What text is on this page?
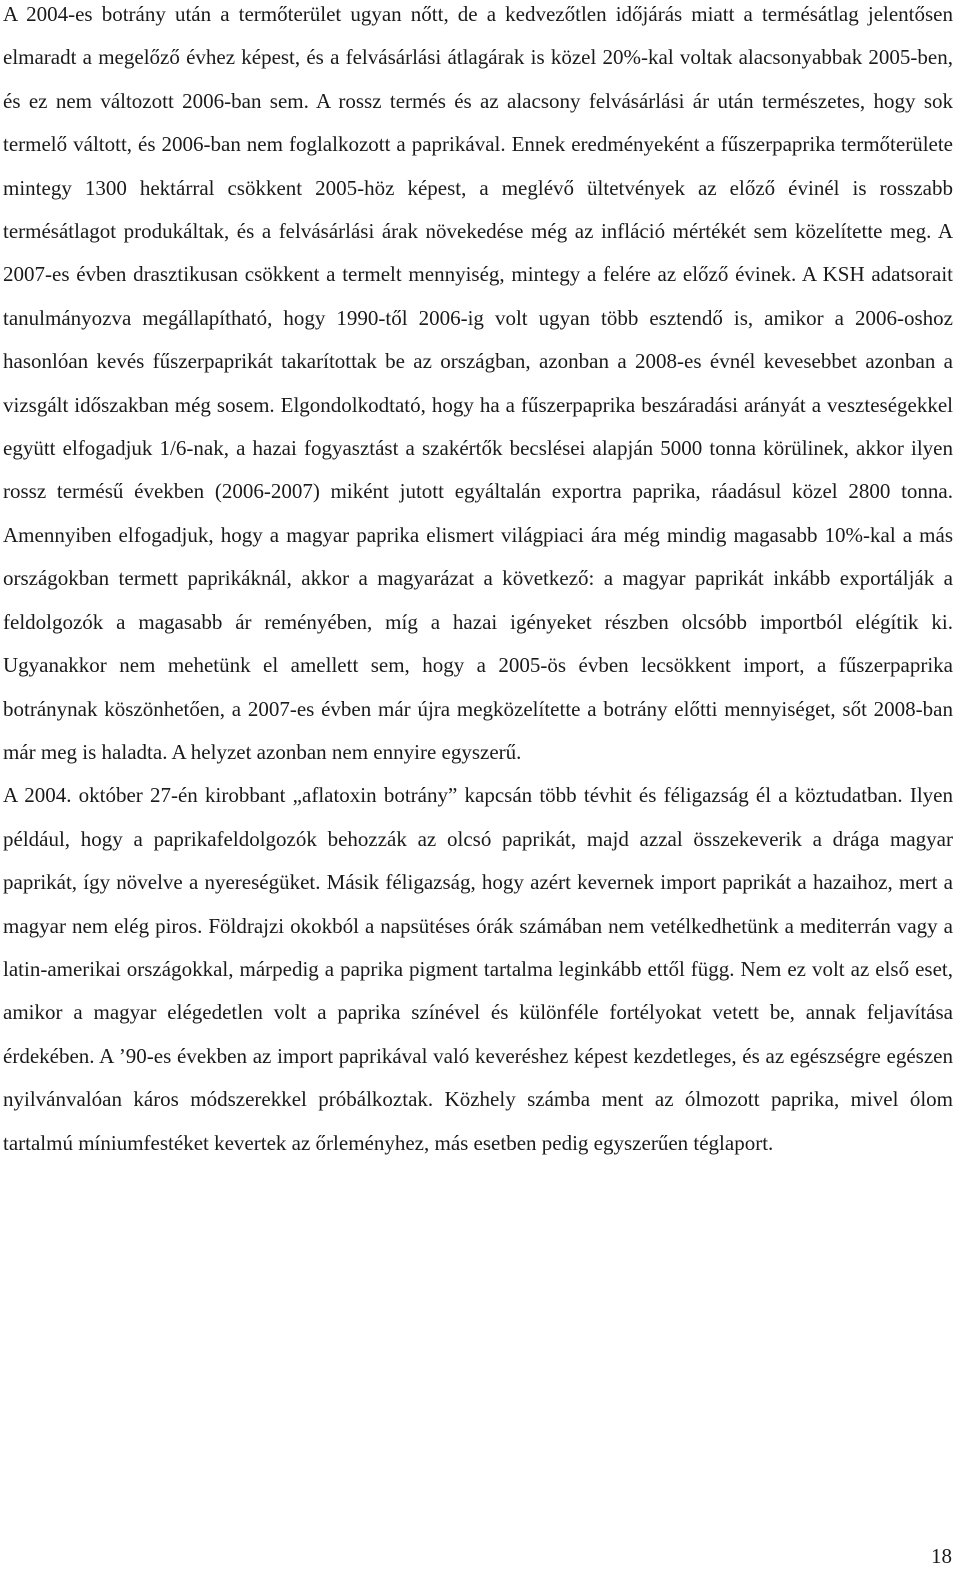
A 2004-es botrány után a termőterület ugyan nőtt, de a kedvezőtlen időjárás miatt a termésátlag jelentősen elmaradt a megelőző évhez képest, és a felvásárlási átlagárak is közel 20%-kal voltak alacsonyabbak 2005-ben, és ez nem változott 2006-ban sem. A rossz termés és az alacsony felvásárlási ár után természetes, hogy sok termelő váltott, és 2006-ban nem foglalkozott a paprikával. Ennek eredményeként a fűszerpaprika termőterülete mintegy 1300 hektárral csökkent 2005-höz képest, a meglévő ültetvények az előző évinél is rosszabb termésátlagot produkáltak, és a felvásárlási árak növekedése még az infláció mértékét sem közelítette meg. A 2007-es évben drasztikusan csökkent a termelt mennyiség, mintegy a felére az előző évinek. A KSH adatsorait tanulmányozva megállapítható, hogy 1990-től 2006-ig volt ugyan több esztendő is, amikor a 2006-oshoz hasonlóan kevés fűszerpaprikát takarítottak be az országban, azonban a 2008-es évnél kevesebbet azonban a vizsgált időszakban még sosem. Elgondolkodtató, hogy ha a fűszerpaprika beszáradási arányát a veszteségekkel együtt elfogadjuk 1/6-nak, a hazai fogyasztást a szakértők becslései alapján 5000 tonna körülinek, akkor ilyen rossz termésű években (2006-2007) miként jutott egyáltalán exportra paprika, ráadásul közel 2800 tonna. Amennyiben elfogadjuk, hogy a magyar paprika elismert világpiaci ára még mindig magasabb 10%-kal a más országokban termett paprikáknál, akkor a magyarázat a következő: a magyar paprikát inkább exportálják a feldolgozók a magasabb ár reményében, míg a hazai igényeket részben olcsóbb importból elégítik ki. Ugyanakkor nem mehetünk el amellett sem, hogy a 2005-ös évben lecsökkent import, a fűszerpaprika botránynak köszönhetően, a 2007-es évben már újra megközelítette a botrány előtti mennyiséget, sőt 2008-ban már meg is haladta. A helyzet azonban nem ennyire egyszerű.

A 2004. október 27-én kirobbant „aflatoxin botrány” kapcsán több tévhit és féligazság él a köztudatban. Ilyen például, hogy a paprikafeldolgozók behozzák az olcsó paprikát, majd azzal összekeverik a drága magyar paprikát, így növelve a nyereségüket. Másik féligazság, hogy azért kevernek import paprikát a hazaihoz, mert a magyar nem elég piros. Földrajzi okokból a napsütéses órák számában nem vetélkedhetünk a mediterrán vagy a latin-amerikai országokkal, márpedig a paprika pigment tartalma leginkább ettől függ. Nem ez volt az első eset, amikor a magyar elégedetlen volt a paprika színével és különféle fortélyokat vetett be, annak feljavítása érdekében. A ’90-es években az import paprikával való keveréshez képest kezdetleges, és az egészségre egészen nyilvánvalóan káros módszerekkel próbálkoztak. Közhely számba ment az ólmozott paprika, mivel ólom tartalmú míniumfestéket kevertek az őrleményhez, más esetben pedig egyszerűen téglaport.

18
